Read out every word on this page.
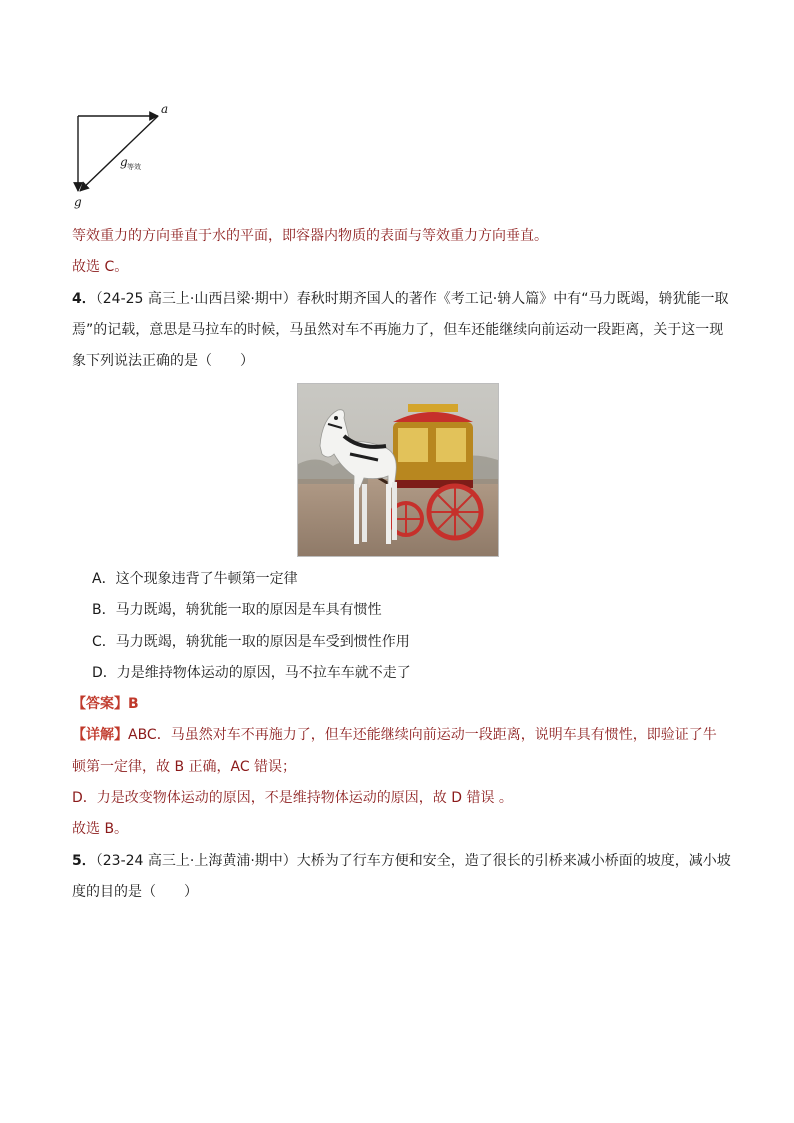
a
g
g 等效
等效重力的方向垂直于水的平面，即容器内物质的表面与等效重力方向垂直。
故选 C。
4．（24-25 高三上·山西吕梁·期中）春秋时期齐国人的著作《考工记·辀人篇》中有“马力既竭，辀犹能一取
焉”的记载，意思是马拉车的时候，马虽然对车不再施力了，但车还能继续向前运动一段距离，关于这一现
象下列说法正确的是（　　）
A．这个现象违背了牛顿第一定律
B．马力既竭，辀犹能一取的原因是车具有惯性
C．马力既竭，辀犹能一取的原因是车受到惯性作用
D．力是维持物体运动的原因，马不拉车车就不走了
【答案】B
【详解】ABC．马虽然对车不再施力了，但车还能继续向前运动一段距离，说明车具有惯性，即验证了牛
顿第一定律，故 B 正确，AC 错误；
D．力是改变物体运动的原因，不是维持物体运动的原因，故 D 错误 。
故选 B。
5．（23-24 高三上·上海黄浦·期中）大桥为了行车方便和安全，造了很长的引桥来减小桥面的坡度，减小坡
度的目的是（　　）
